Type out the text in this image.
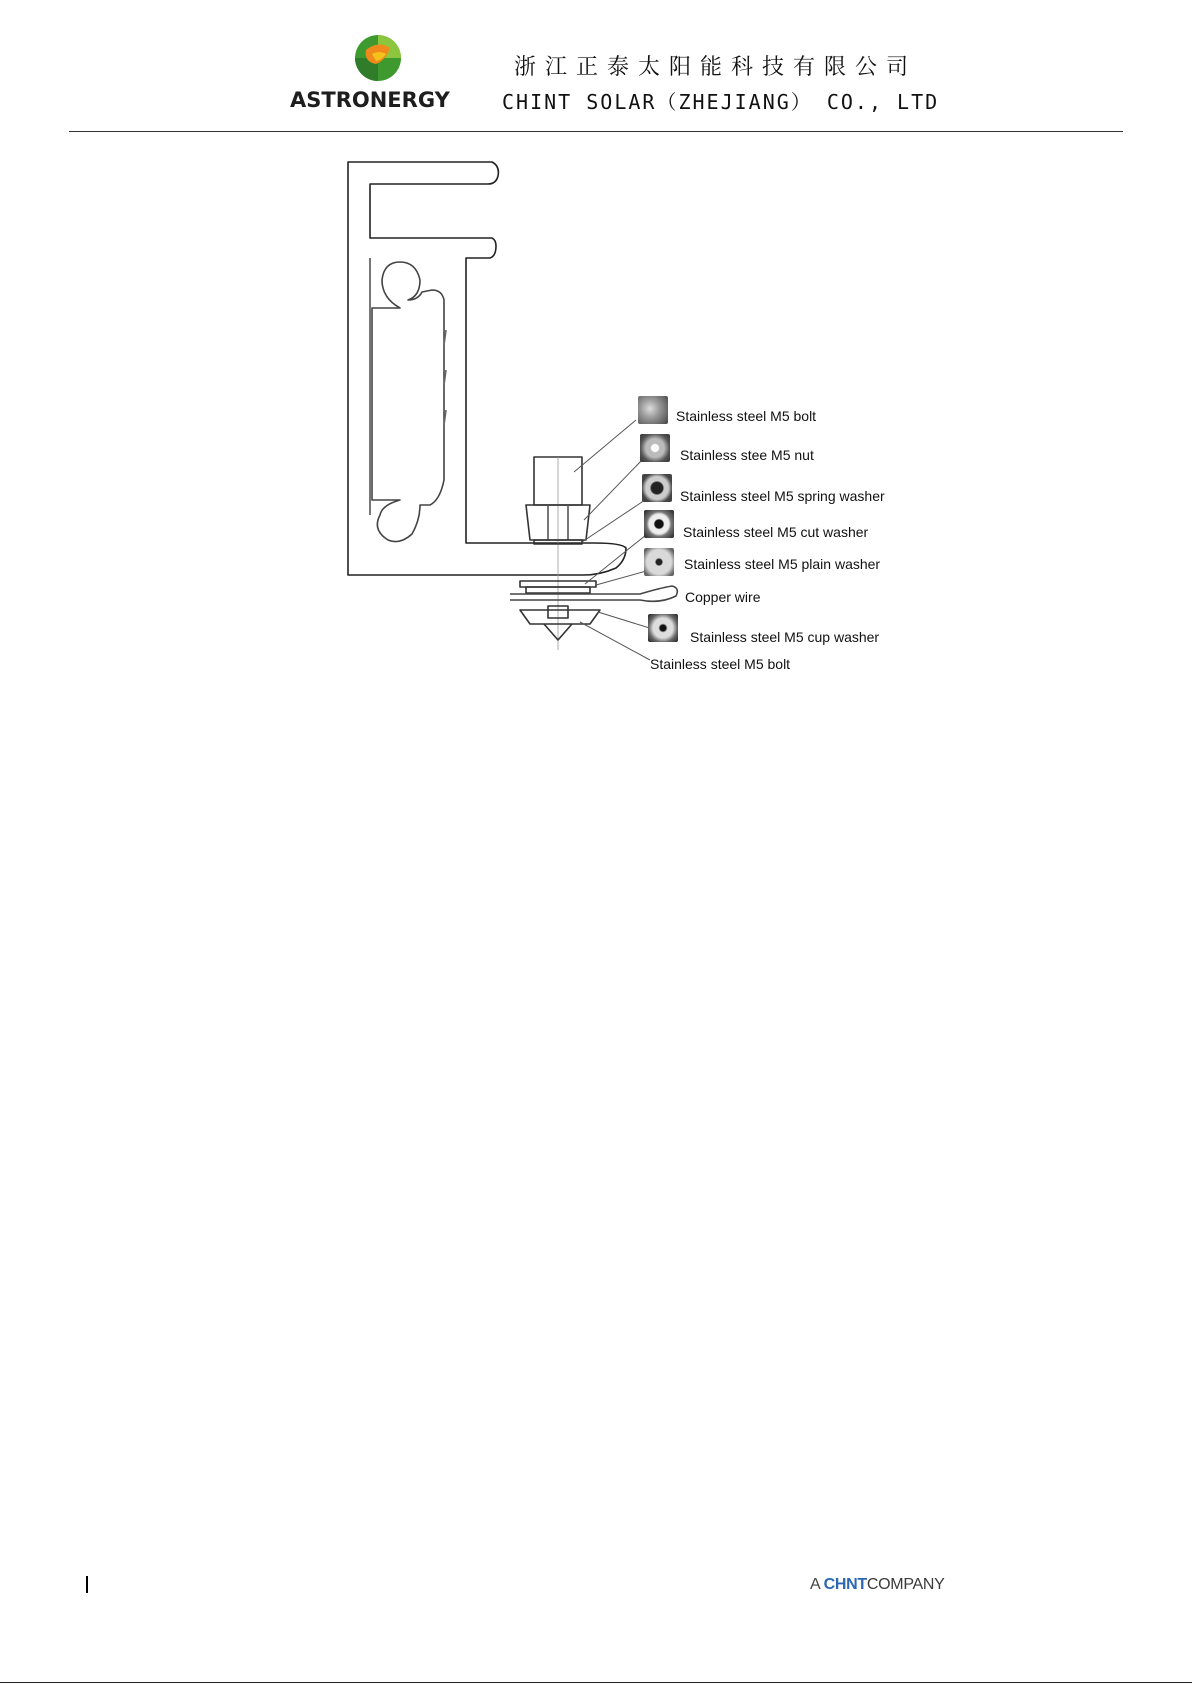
ASTRONERGY
浙江正泰太阳能科技有限公司
CHINT SOLAR（ZHEJIANG） CO., LTD
Stainless steel M5 bolt
Stainless stee M5 nut
Stainless steel M5 spring washer
Stainless steel M5 cut washer
Stainless steel M5 plain washer
Copper wire
Stainless steel M5 cup washer
Stainless steel M5 bolt
A CHNTCOMPANY
